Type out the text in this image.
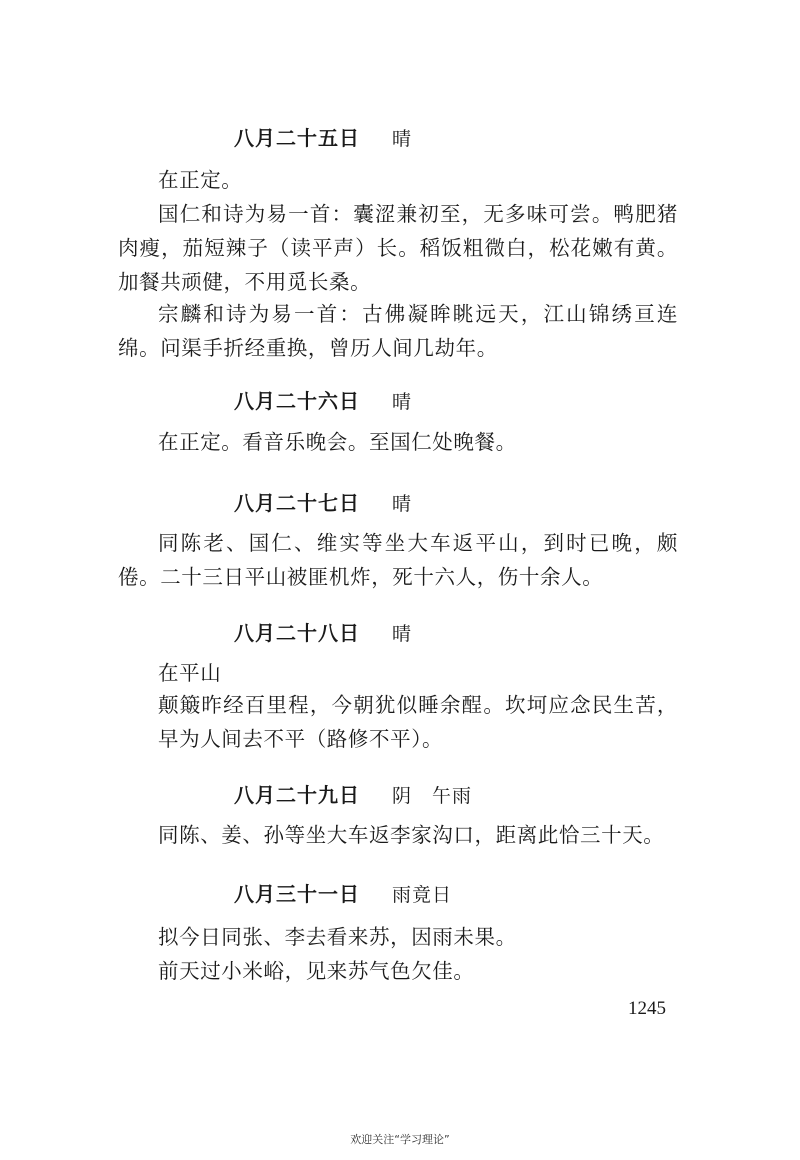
八月二十五日 晴
在正定。
国仁和诗为易一首：囊涩兼初至，无多味可尝。鸭肥猪肉瘦，茄短辣子（读平声）长。稻饭粗微白，松花嫩有黄。加餐共顽健，不用觅长桑。
宗麟和诗为易一首：古佛凝眸眺远天，江山锦绣亘连绵。问渠手折经重换，曾历人间几劫年。
八月二十六日 晴
在正定。看音乐晚会。至国仁处晚餐。
八月二十七日 晴
同陈老、国仁、维实等坐大车返平山，到时已晚，颇倦。二十三日平山被匪机炸，死十六人，伤十余人。
八月二十八日 晴
在平山
颠簸昨经百里程，今朝犹似睡余酲。坎坷应念民生苦，早为人间去不平（路修不平）。
八月二十九日 阴　午雨
同陈、姜、孙等坐大车返李家沟口，距离此恰三十天。
八月三十一日 雨竟日
拟今日同张、李去看来苏，因雨未果。
前天过小米峪，见来苏气色欠佳。
1245
欢迎关注“学习理论”
